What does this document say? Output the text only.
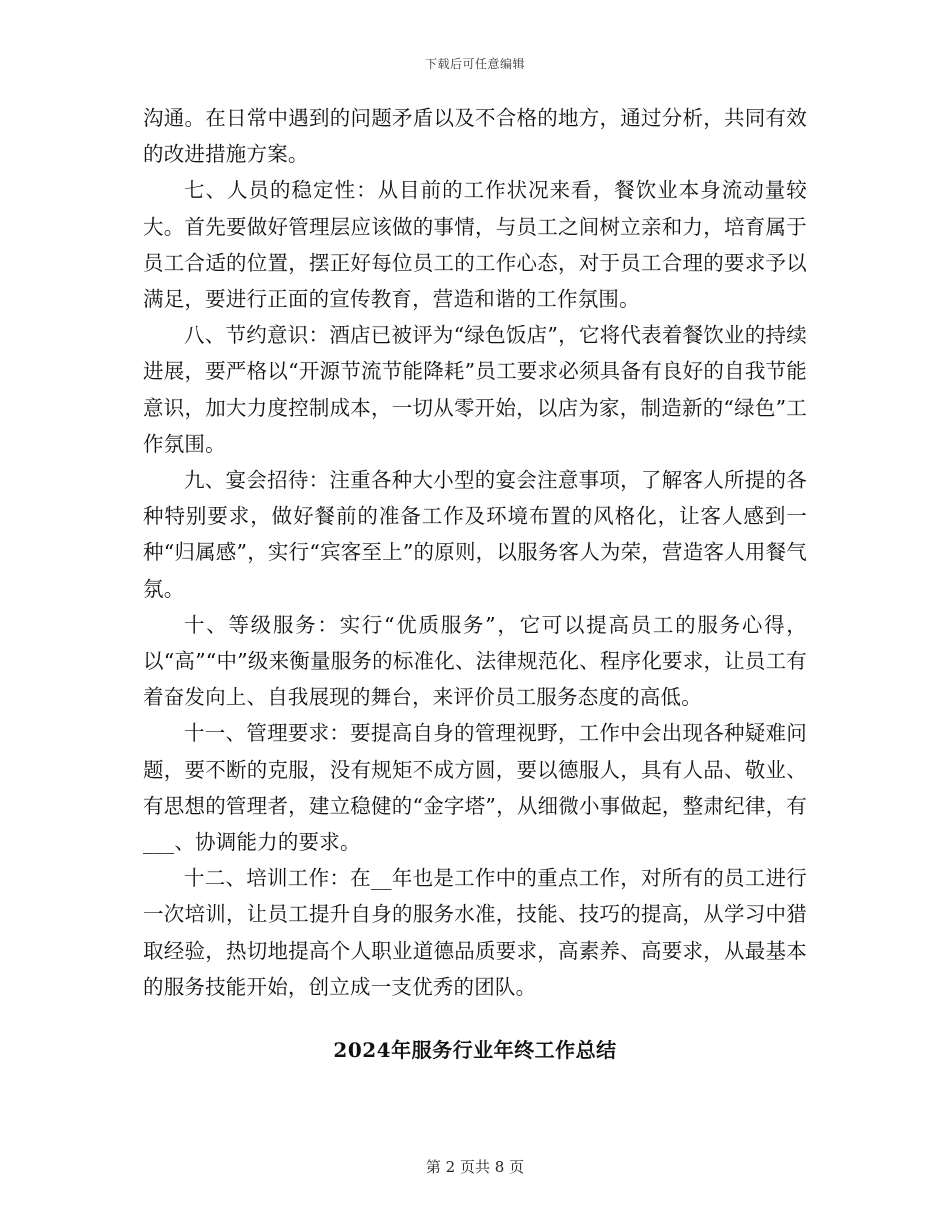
下载后可任意编辑

沟通。在日常中遇到的问题矛盾以及不合格的地方，通过分析，共同有效的改进措施方案。

七、人员的稳定性：从目前的工作状况来看，餐饮业本身流动量较大。首先要做好管理层应该做的事情，与员工之间树立亲和力，培育属于员工合适的位置，摆正好每位员工的工作心态，对于员工合理的要求予以满足，要进行正面的宣传教育，营造和谐的工作氛围。

八、节约意识：酒店已被评为“绿色饭店”，它将代表着餐饮业的持续进展，要严格以“开源节流节能降耗”员工要求必须具备有良好的自我节能意识，加大力度控制成本，一切从零开始，以店为家，制造新的“绿色”工作氛围。

九、宴会招待：注重各种大小型的宴会注意事项，了解客人所提的各种特别要求，做好餐前的准备工作及环境布置的风格化，让客人感到一种“归属感”，实行“宾客至上”的原则，以服务客人为荣，营造客人用餐气氛。

十、等级服务：实行“优质服务”，它可以提高员工的服务心得，以“高”“中”级来衡量服务的标准化、法律规范化、程序化要求，让员工有着奋发向上、自我展现的舞台，来评价员工服务态度的高低。

十一、管理要求：要提高自身的管理视野，工作中会出现各种疑难问题，要不断的克服，没有规矩不成方圆，要以德服人，具有人品、敬业、有思想的管理者，建立稳健的“金字塔”，从细微小事做起，整肃纪律，有___、协调能力的要求。

十二、培训工作：在__年也是工作中的重点工作，对所有的员工进行一次培训，让员工提升自身的服务水准，技能、技巧的提高，从学习中猎取经验，热切地提高个人职业道德品质要求，高素养、高要求，从最基本的服务技能开始，创立成一支优秀的团队。

2024年服务行业年终工作总结
第 2 页共 8 页
